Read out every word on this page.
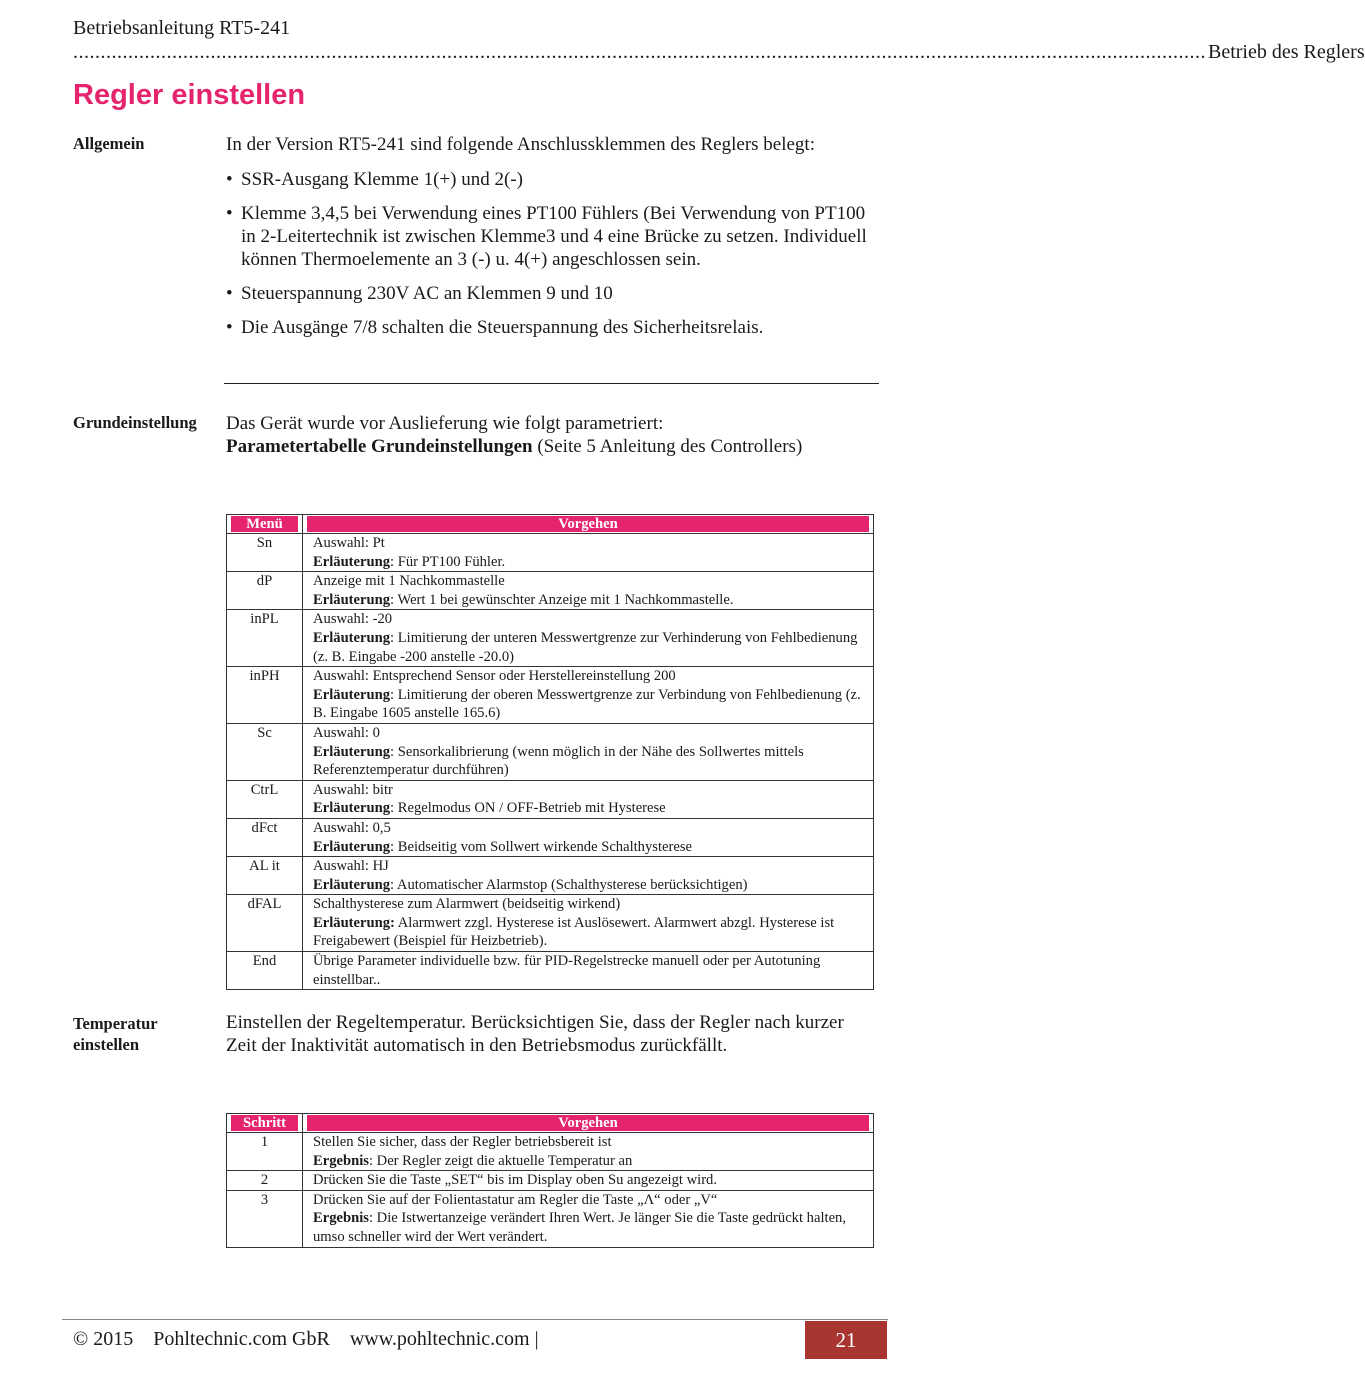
Betriebsanleitung RT5-241
.............................................................................................................................................................................................................. Betrieb des Reglers
Regler einstellen
Allgemein	In der Version RT5-241 sind folgende Anschlussklemmen des Reglers belegt:
• SSR-Ausgang Klemme 1(+) und 2(-)
• Klemme 3,4,5 bei Verwendung eines PT100 Fühlers (Bei Verwendung von PT100 in 2-Leitertechnik ist zwischen Klemme3 und 4 eine Brücke zu setzen. Individuell können Thermoelemente an 3 (-) u. 4(+) angeschlossen sein.
• Steuerspannung 230V AC an Klemmen 9 und 10
• Die Ausgänge 7/8 schalten die Steuerspannung des Sicherheitsrelais.
Grundeinstellung	Das Gerät wurde vor Auslieferung wie folgt parametriert:
Parametertabelle Grundeinstellungen (Seite 5 Anleitung des Controllers)
Menü	Vorgehen

Sn	Auswahl: Pt
Erläuterung: Für PT100 Fühler.

dP	Anzeige mit 1 Nachkommastelle
Erläuterung: Wert 1 bei gewünschter Anzeige mit 1 Nachkommastelle.

inPL	Auswahl: -20
Erläuterung: Limitierung der unteren Messwertgrenze zur Verhinderung von Fehlbedienung (z. B. Eingabe -200 anstelle -20.0)

inPH	Auswahl: Entsprechend Sensor oder Herstellereinstellung 200
Erläuterung: Limitierung der oberen Messwertgrenze zur Verbindung von Fehlbedienung (z. B. Eingabe 1605 anstelle 165.6)

Sc	Auswahl: 0
Erläuterung: Sensorkalibrierung (wenn möglich in der Nähe des Sollwertes mittels Referenztemperatur durchführen)

CtrL	Auswahl: bitr
Erläuterung: Regelmodus ON / OFF-Betrieb mit Hysterese

dFct	Auswahl: 0,5
Erläuterung: Beidseitig vom Sollwert wirkende Schalthysterese

AL it	Auswahl: HJ
Erläuterung: Automatischer Alarmstop (Schalthysterese berücksichtigen)

dFAL	Schalthysterese zum Alarmwert (beidseitig wirkend)
Erläuterung: Alarmwert zzgl. Hysterese ist Auslösewert. Alarmwert abzgl. Hysterese ist Freigabewert (Beispiel für Heizbetrieb).

End	Übrige Parameter individuelle bzw. für PID-Regelstrecke manuell oder per Autotuning einstellbar..
Temperatur einstellen
Einstellen der Regeltemperatur. Berücksichtigen Sie, dass der Regler nach kurzer Zeit der Inaktivität automatisch in den Betriebsmodus zurückfällt.
Schritt	Vorgehen

1	Stellen Sie sicher, dass der Regler betriebsbereit ist
Ergebnis: Der Regler zeigt die aktuelle Temperatur an

2	Drücken Sie die Taste „SET“ bis im Display oben Su angezeigt wird.

3	Drücken Sie auf der Folientastatur am Regler die Taste „Λ“ oder „V“
Ergebnis: Die Istwertanzeige verändert Ihren Wert. Je länger Sie die Taste gedrückt halten, umso schneller wird der Wert verändert.
© 2015 Pohltechnic.com GbR www.pohltechnic.com |	21
